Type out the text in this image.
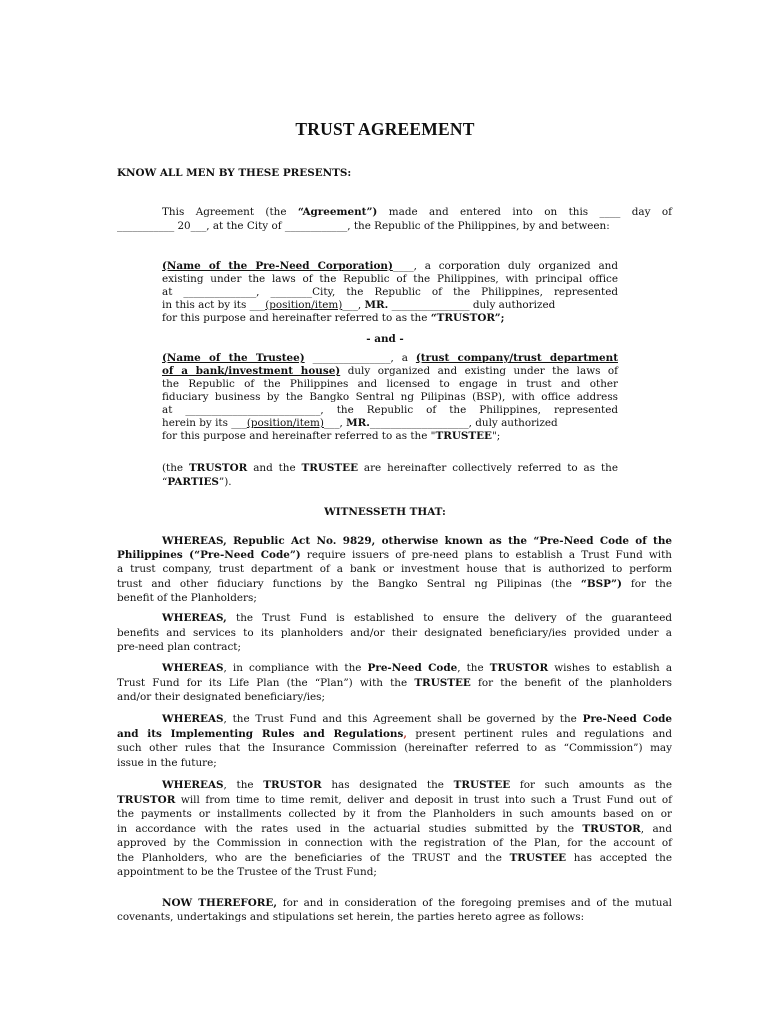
TRUST AGREEMENT
KNOW ALL MEN BY THESE PRESENTS:
This Agreement (the “Agreement”) made and entered into on this ____ day of
___________ 20___, at the City of ____________, the Republic of the Philippines, by and between:
(Name of the Pre-Need Corporation)____, a corporation duly organized and
existing under the laws of the Republic of the Philippines, with principal office
at ______________, ________City, the Republic of the Philippines, represented
in this act by its ___(position/item)___, MR. _______________ duly authorized
for this purpose and hereinafter referred to as the “TRUSTOR”;
- and -
(Name of the Trustee) _______________, a (trust company/trust department
of a bank/investment house) duly organized and existing under the laws of
the Republic of the Philippines and licensed to engage in trust and other
fiduciary business by the Bangko Sentral ng Pilipinas (BSP), with office address
at __________________________, the Republic of the Philippines, represented
herein by its ___(position/item)___, MR.___________________, duly authorized
for this purpose and hereinafter referred to as the "TRUSTEE";
(the TRUSTOR and the TRUSTEE are hereinafter collectively referred to as the
“PARTIES”).
WITNESSETH THAT:
WHEREAS, Republic Act No. 9829, otherwise known as the “Pre-Need Code of the
Philippines (“Pre-Need Code”) require issuers of pre-need plans to establish a Trust Fund with
a trust company, trust department of a bank or investment house that is authorized to perform
trust and other fiduciary functions by the Bangko Sentral ng Pilipinas (the “BSP”) for the
benefit of the Planholders;
WHEREAS, the Trust Fund is established to ensure the delivery of the guaranteed
benefits and services to its planholders and/or their designated beneficiary/ies provided under a
pre-need plan contract;
WHEREAS, in compliance with the Pre-Need Code, the TRUSTOR wishes to establish a
Trust Fund for its Life Plan (the “Plan”) with the TRUSTEE for the benefit of the planholders
and/or their designated beneficiary/ies;
WHEREAS, the Trust Fund and this Agreement shall be governed by the Pre-Need Code
and its Implementing Rules and Regulations, present pertinent rules and regulations and
such other rules that the Insurance Commission (hereinafter referred to as “Commission”) may
issue in the future;
WHEREAS, the TRUSTOR has designated the TRUSTEE for such amounts as the
TRUSTOR will from time to time remit, deliver and deposit in trust into such a Trust Fund out of
the payments or installments collected by it from the Planholders in such amounts based on or
in accordance with the rates used in the actuarial studies submitted by the TRUSTOR, and
approved by the Commission in connection with the registration of the Plan, for the account of
the Planholders, who are the beneficiaries of the TRUST and the TRUSTEE has accepted the
appointment to be the Trustee of the Trust Fund;
NOW THEREFORE, for and in consideration of the foregoing premises and of the mutual
covenants, undertakings and stipulations set herein, the parties hereto agree as follows:
